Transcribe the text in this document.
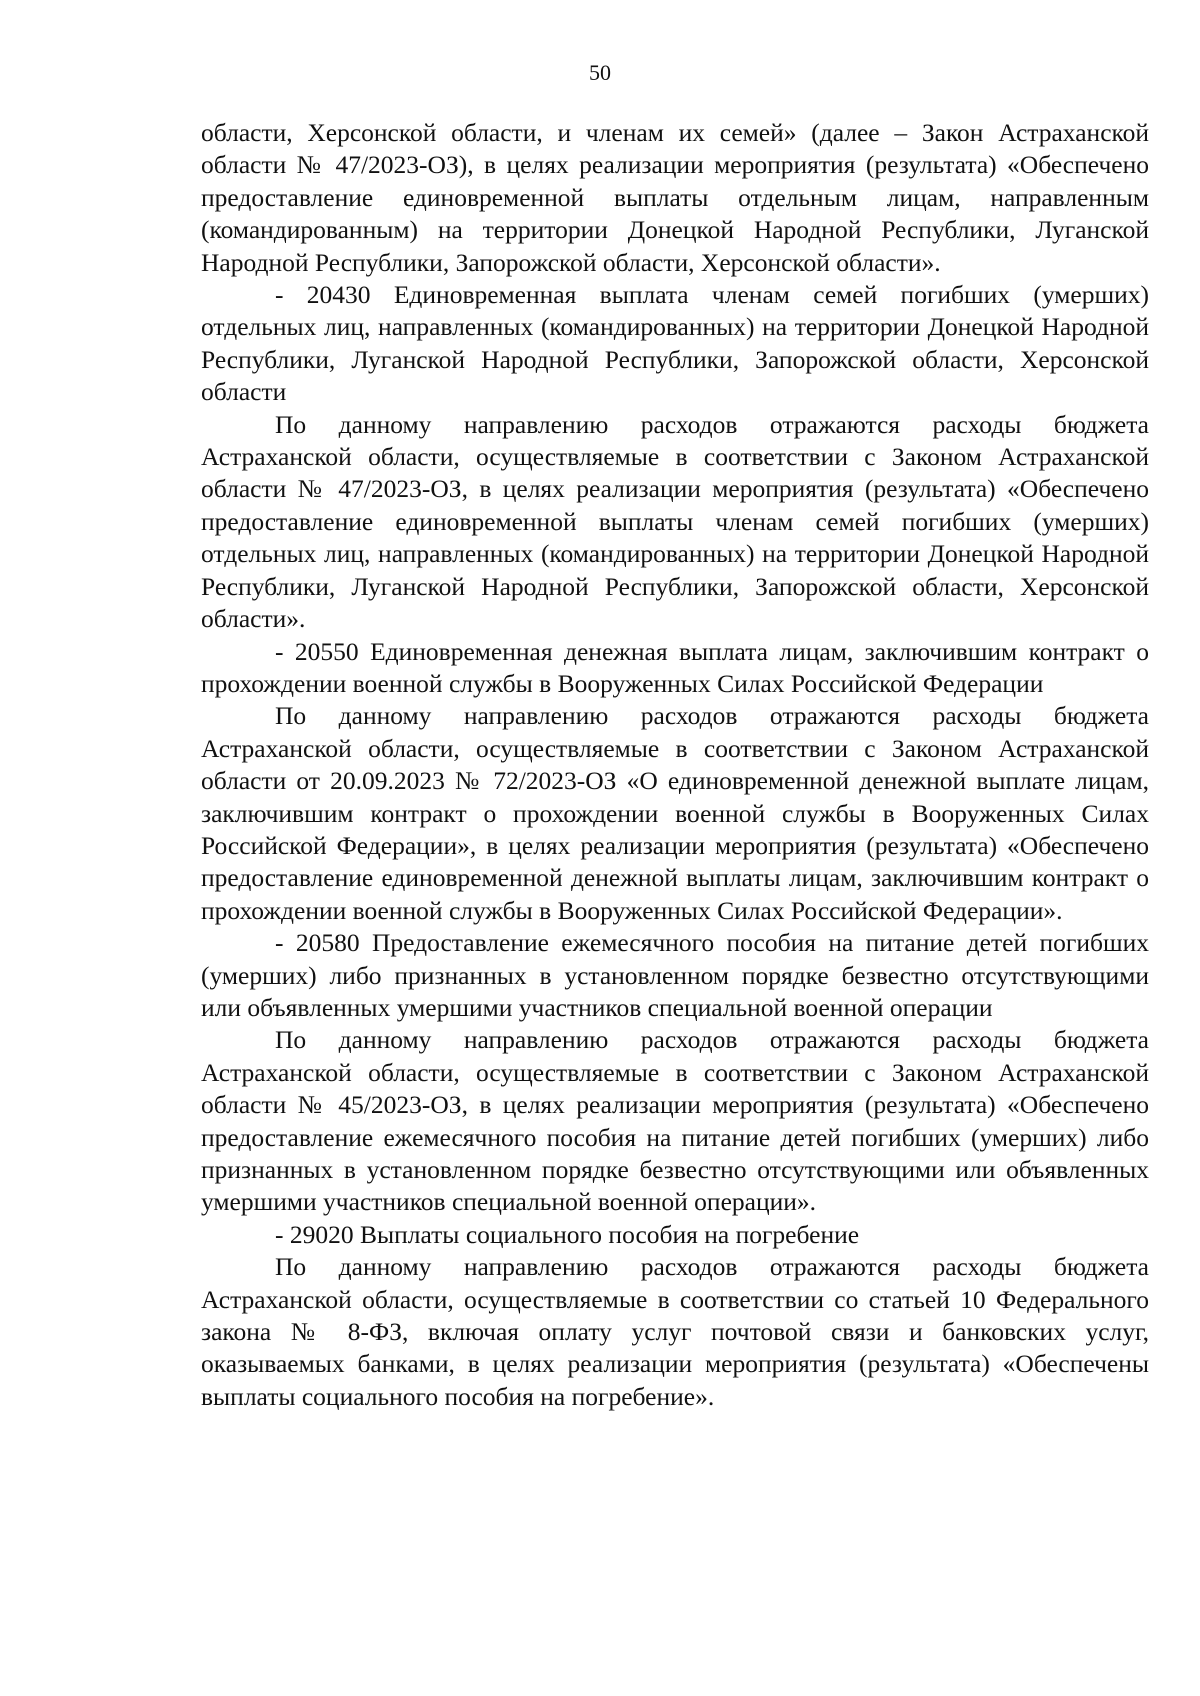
50

области, Херсонской области, и членам их семей» (далее – Закон Астраханской области № 47/2023-ОЗ), в целях реализации мероприятия (результата) «Обеспечено предоставление единовременной выплаты отдельным лицам, направленным (командированным) на территории Донецкой Народной Республики, Луганской Народной Республики, Запорожской области, Херсонской области».

- 20430 Единовременная выплата членам семей погибших (умерших) отдельных лиц, направленных (командированных) на территории Донецкой Народной Республики, Луганской Народной Республики, Запорожской области, Херсонской области

По данному направлению расходов отражаются расходы бюджета Астраханской области, осуществляемые в соответствии с Законом Астраханской области № 47/2023-ОЗ, в целях реализации мероприятия (результата) «Обеспечено предоставление единовременной выплаты членам семей погибших (умерших) отдельных лиц, направленных (командированных) на территории Донецкой Народной Республики, Луганской Народной Республики, Запорожской области, Херсонской области».

- 20550 Единовременная денежная выплата лицам, заключившим контракт о прохождении военной службы в Вооруженных Силах Российской Федерации

По данному направлению расходов отражаются расходы бюджета Астраханской области, осуществляемые в соответствии с Законом Астраханской области от 20.09.2023 № 72/2023-ОЗ «О единовременной денежной выплате лицам, заключившим контракт о прохождении военной службы в Вооруженных Силах Российской Федерации», в целях реализации мероприятия (результата) «Обеспечено предоставление единовременной денежной выплаты лицам, заключившим контракт о прохождении военной службы в Вооруженных Силах Российской Федерации».

- 20580 Предоставление ежемесячного пособия на питание детей погибших (умерших) либо признанных в установленном порядке безвестно отсутствующими или объявленных умершими участников специальной военной операции

По данному направлению расходов отражаются расходы бюджета Астраханской области, осуществляемые в соответствии с Законом Астраханской области № 45/2023-ОЗ, в целях реализации мероприятия (результата) «Обеспечено предоставление ежемесячного пособия на питание детей погибших (умерших) либо признанных в установленном порядке безвестно отсутствующими или объявленных умершими участников специальной военной операции».

- 29020 Выплаты социального пособия на погребение

По данному направлению расходов отражаются расходы бюджета Астраханской области, осуществляемые в соответствии со статьей 10 Федерального закона № 8-ФЗ, включая оплату услуг почтовой связи и банковских услуг, оказываемых банками, в целях реализации мероприятия (результата) «Обеспечены выплаты социального пособия на погребение».
